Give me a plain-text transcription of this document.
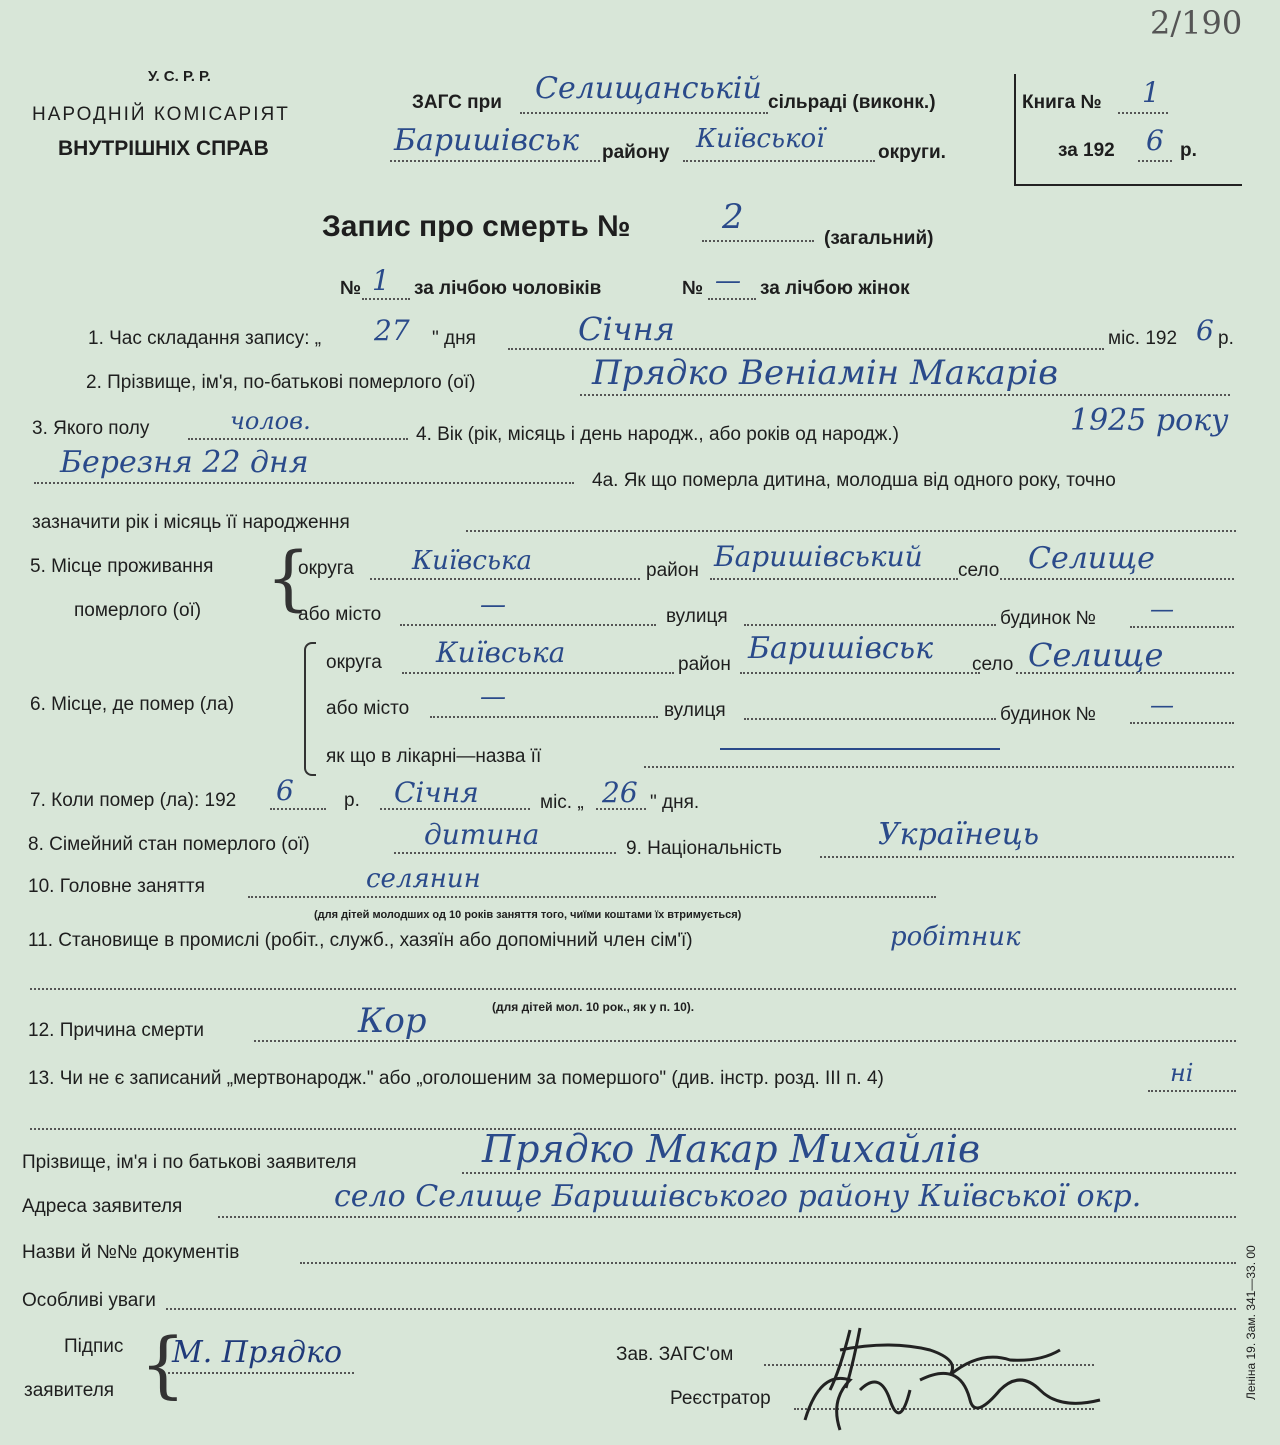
У. С. Р. Р.
НАРОДНІЙ КОМІСАРІЯТ
ВНУТРІШНІХ СПРАВ
ЗАГС при Селищанській сільраді (виконк.)
Баришівськ району Київської	округи.
2/190
Книга № 1
за 192 6 р.
Запис про смерть №	2
(загальний)
№ 1 за лічбою чоловіків	№ — за лічбою жінок
1. Час складання запису: „ 27 " дня	Січня	міс. 192 6 р.
2. Прізвище, ім'я, по-батькові померлого (ої)	Прядко Веніамін Макарів
3. Якого полу	чолов.	4. Вік (рік, місяць і день народж., або років од народж.)	1925 року
Березня 22 дня
4а. Як що померла дитина, молодша від одного року, точно
зазначити рік і місяць її народження
5. Місце проживання
померлого (ої) {
округа Київська	район Баришівський село Селище
або місто	—	вулиця	будинок № —
6. Місце, де помер (ла)
округа Київська	район Баришівськ село Селище
або місто	—	вулиця	будинок № —
як що в лікарні—назва її
7. Коли помер (ла): 192 6	р. Січня	міс. „ 26 " дня.
8. Сімейний стан померлого (ої)	дитина	9. Національність	Українець
10. Головне заняття	селянин
(для дітей молодших од 10 років заняття того, чиїми коштами їх втримується)
11. Становище в промислі (робіт., служб., хазяїн або допомічний член сім'ї)	робітник
(для дітей мол. 10 рок., як у п. 10).
12. Причина смерти	Кор
13. Чи не є записаний „мертвонародж." або „оголошеним за помершого" (див. інстр. розд. III п. 4)	ні
Прізвище, ім'я і по батькові заявителя	Прядко Макар Михайлів
Адреса заявителя	село Селище Баришівського району Київської окр.
Назви й №№ документів
Особливі уваги
Підпис
заявителя {
М. Прядко	Зав. ЗАГС'ом
Реєстратор	Леніна 19. Зам. 341—33. 00
